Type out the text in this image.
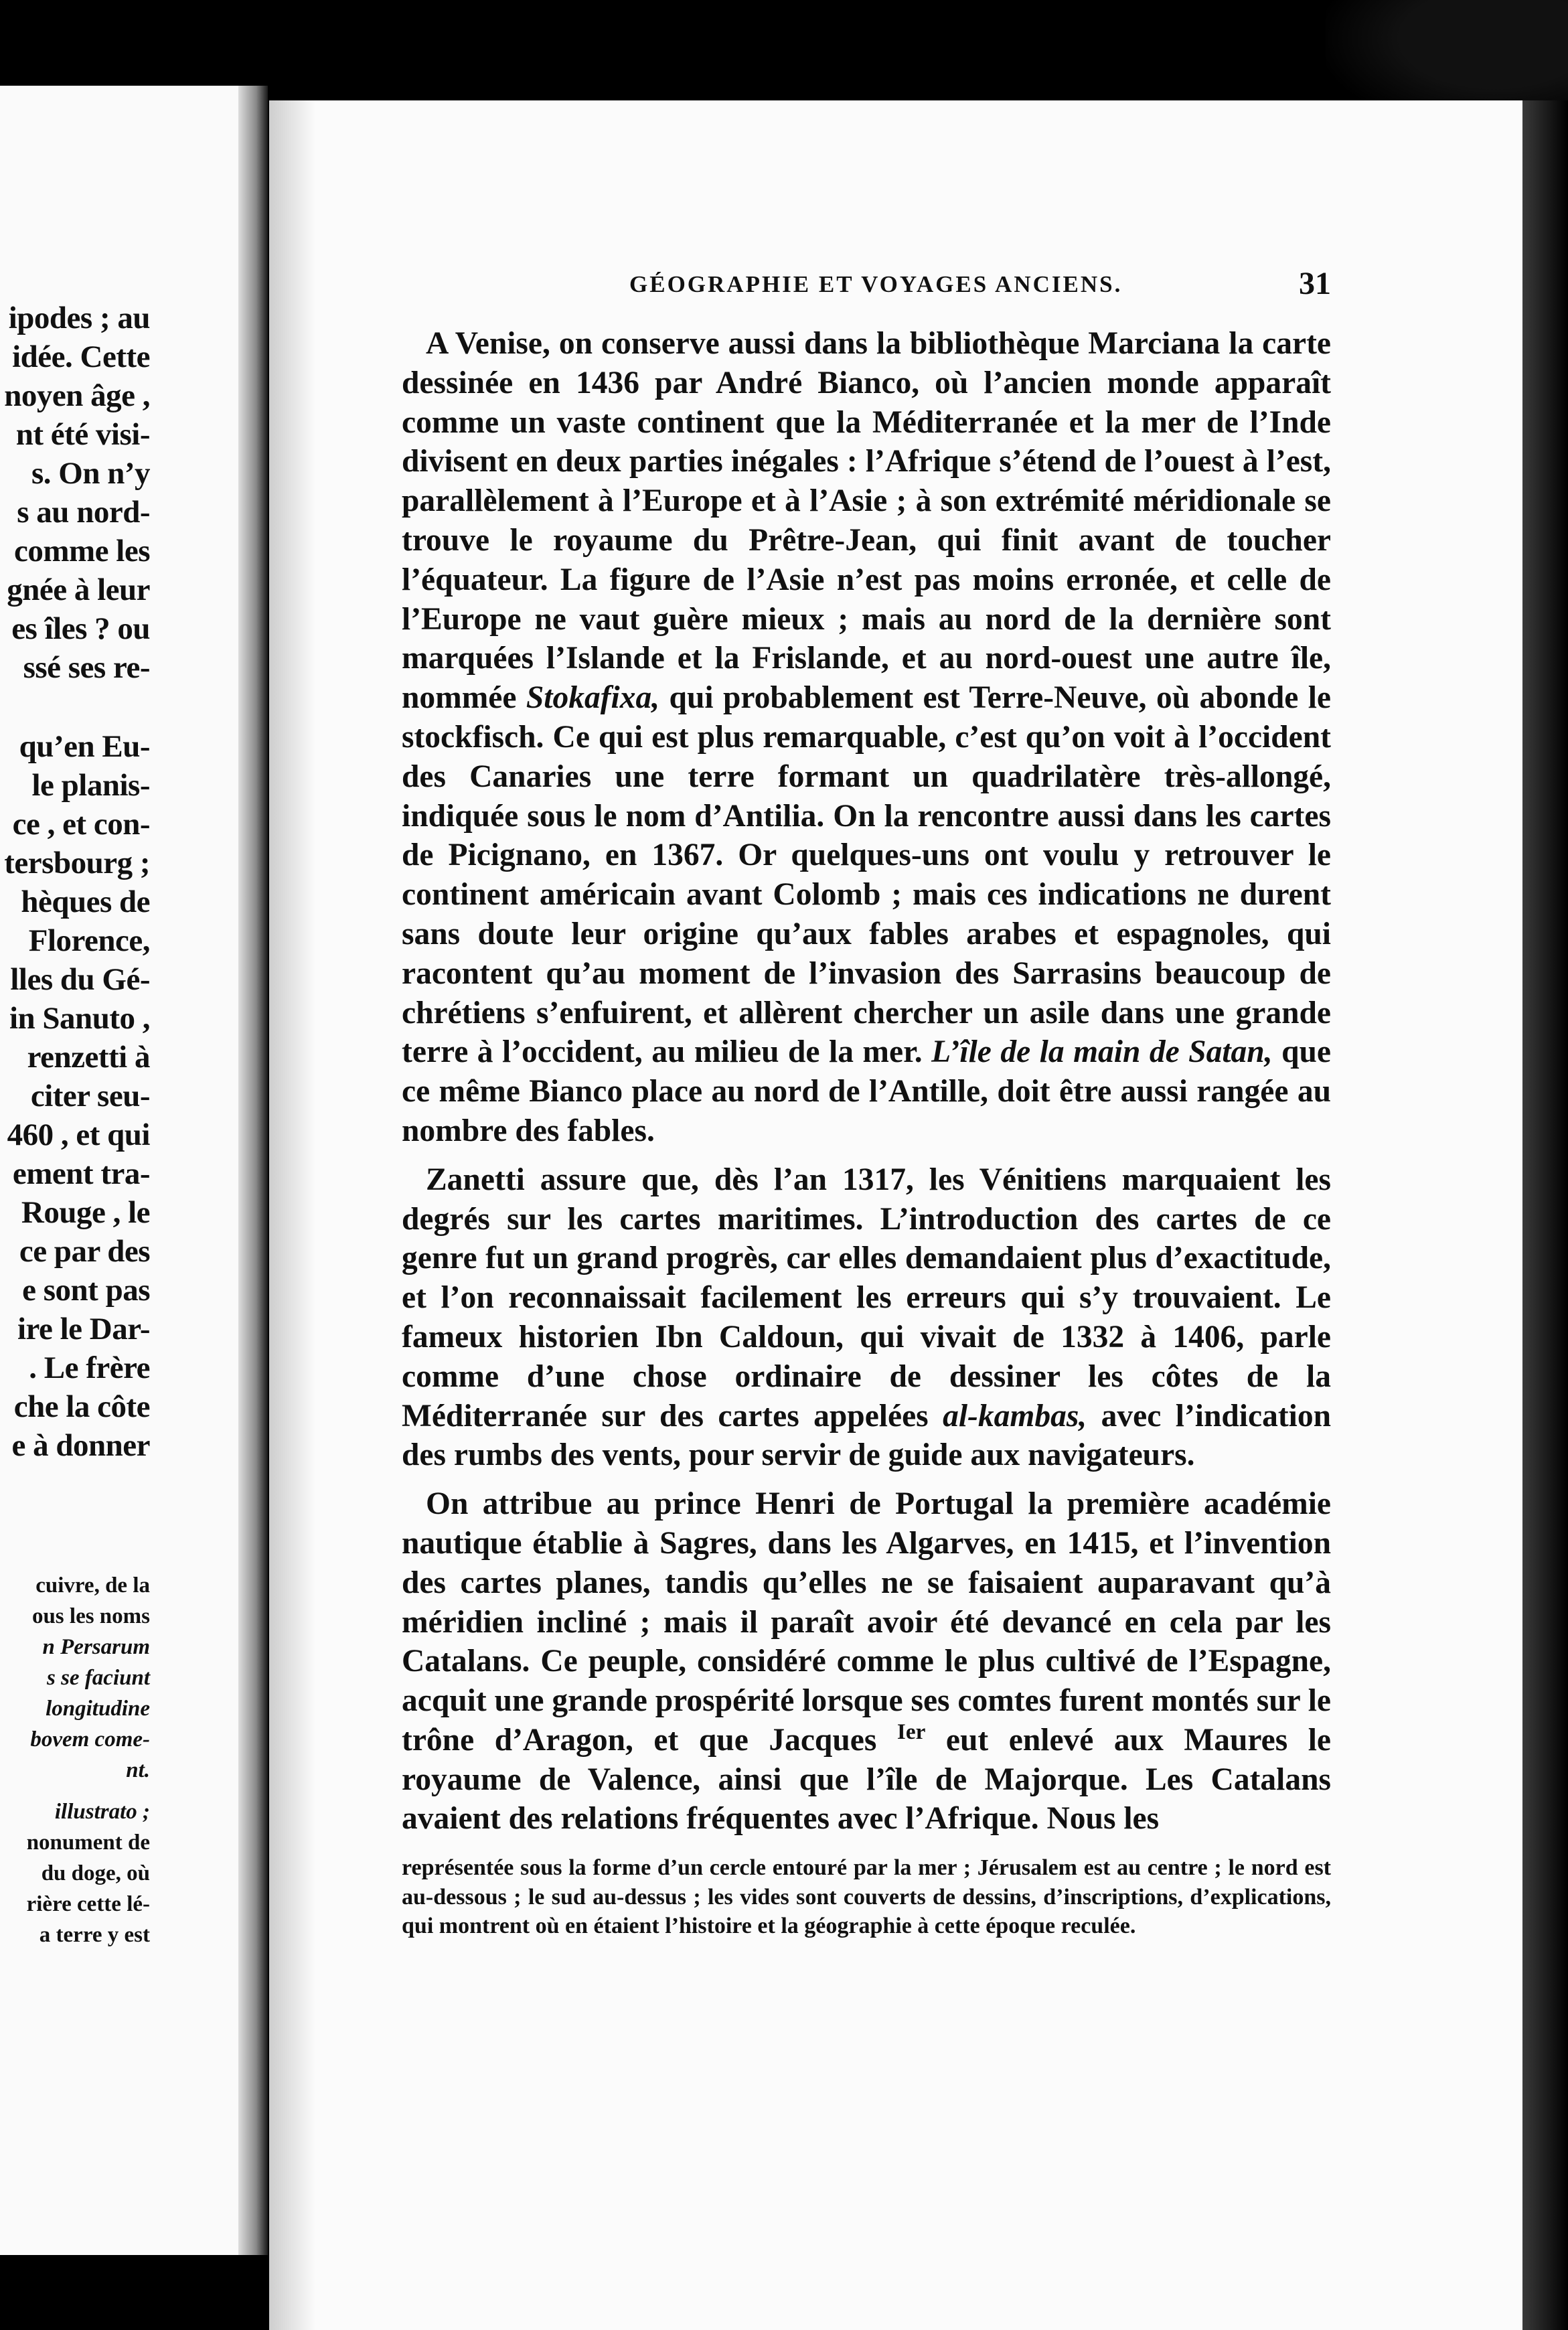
ipodes ; au
idée. Cette
noyen âge ,
nt été visi-
s. On n’y
s au nord-
comme les
gnée à leur
es îles ? ou
ssé ses re-
qu’en Eu-
le planis-
ce , et con-
tersbourg ;
hèques de
Florence,
lles du Gé-
in Sanuto ,
renzetti à
citer seu-
460 , et qui
ement tra-
Rouge , le
ce par des
e sont pas
ire le Dar-
. Le frère
che la côte
e à donner
cuivre, de la
ous les noms
n Persarum
s se faciunt
longitudine
bovem come-
nt.
illustrato ;
nonument de
du doge, où
rière cette lé-
a terre y est
GÉOGRAPHIE ET VOYAGES ANCIENS.	31

A Venise, on conserve aussi dans la bibliothèque Marciana la carte dessinée en 1436 par André Bianco, où l’ancien monde apparaît comme un vaste continent que la Méditerranée et la mer de l’Inde divisent en deux parties inégales : l’Afrique s’étend de l’ouest à l’est, parallèlement à l’Europe et à l’Asie ; à son extrémité méridionale se trouve le royaume du Prêtre-Jean, qui finit avant de toucher l’équateur. La figure de l’Asie n’est pas moins erronée, et celle de l’Europe ne vaut guère mieux ; mais au nord de la dernière sont marquées l’Islande et la Frislande, et au nord-ouest une autre île, nommée Stokafixa, qui probablement est Terre-Neuve, où abonde le stockfisch. Ce qui est plus remarquable, c’est qu’on voit à l’occident des Canaries une terre formant un quadrilatère très-allongé, indiquée sous le nom d’Antilia. On la rencontre aussi dans les cartes de Picignano, en 1367. Or quelques-uns ont voulu y retrouver le continent américain avant Colomb ; mais ces indications ne durent sans doute leur origine qu’aux fables arabes et espagnoles, qui racontent qu’au moment de l’invasion des Sarrasins beaucoup de chrétiens s’enfuirent, et allèrent chercher un asile dans une grande terre à l’occident, au milieu de la mer. L’île de la main de Satan, que ce même Bianco place au nord de l’Antille, doit être aussi rangée au nombre des fables.

Zanetti assure que, dès l’an 1317, les Vénitiens marquaient les degrés sur les cartes maritimes. L’introduction des cartes de ce genre fut un grand progrès, car elles demandaient plus d’exactitude, et l’on reconnaissait facilement les erreurs qui s’y trouvaient. Le fameux historien Ibn Caldoun, qui vivait de 1332 à 1406, parle comme d’une chose ordinaire de dessiner les côtes de la Méditerranée sur des cartes appelées al-kambas, avec l’indication des rumbs des vents, pour servir de guide aux navigateurs.

On attribue au prince Henri de Portugal la première académie nautique établie à Sagres, dans les Algarves, en 1415, et l’invention des cartes planes, tandis qu’elles ne se faisaient auparavant qu’à méridien incliné ; mais il paraît avoir été devancé en cela par les Catalans. Ce peuple, considéré comme le plus cultivé de l’Espagne, acquit une grande prospérité lorsque ses comtes furent montés sur le trône d’Aragon, et que Jacques $^{Ier}$ eut enlevé aux Maures le royaume de Valence, ainsi que l’île de Majorque. Les Catalans avaient des relations fréquentes avec l’Afrique. Nous les

représentée sous la forme d’un cercle entouré par la mer ; Jérusalem est au centre ; le nord est au-dessous ; le sud au-dessus ; les vides sont couverts de dessins, d’inscriptions, d’explications, qui montrent où en étaient l’histoire et la géographie à cette époque reculée.
